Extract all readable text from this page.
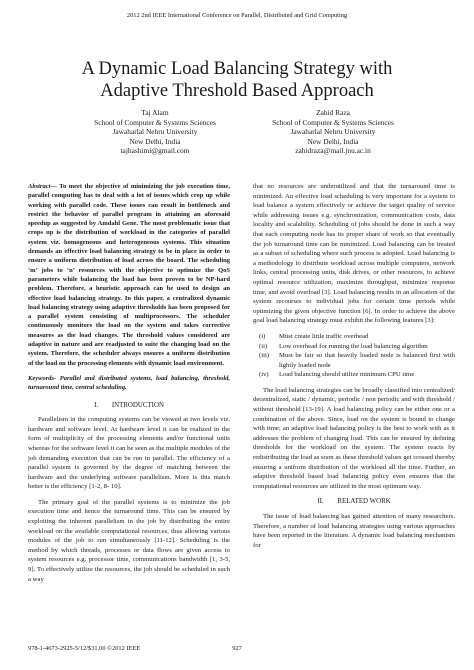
2012 2nd IEEE International Conference on Parallel, Distributed and Grid Computing
A Dynamic Load Balancing Strategy with
Adaptive Threshold Based Approach
Taj Alam
School of Computer & Systems Sciences
Jawaharlal Nehru University
New Delhi, India
tajhashimi@gmail.com
Zahid Raza
School of Computer & Systems Sciences
Jawaharlal Nehru University
New Delhi, India
zahidraza@mail.jnu.ac.in
Abstract— To meet the objective of minimizing the job execution time, parallel computing has to deal with a lot of issues which crop up while working with parallel code. These issues can result in bottleneck and restrict the behavior of parallel program in attaining an aforesaid speedup as suggested by Amdahl Gene. The most problematic issue that crops up is the distribution of workload in the categories of parallel system viz. homogeneous and heterogeneous systems. This situation demands an effective load balancing strategy to be in place in order to ensure a uniform distribution of load across the board. The scheduling ‘m’ jobs to ‘n’ resources with the objective to optimize the QoS parameters while balancing the load has been proven to be NP-hard problem. Therefore, a heuristic approach can be used to design an effective load balancing strategy. In this paper, a centralized dynamic load balancing strategy using adaptive thresholds has been proposed for a parallel system consisting of multiprocessors. The scheduler continuously monitors the load on the system and takes corrective measures as the load changes. The threshold values considered are adaptive in nature and are readjusted to suite the changing load on the system. Therefore, the scheduler always ensures a uniform distribution of the load on the processing elements with dynamic load environment.
Keywords- Parallel and distributed systems, load balancing, threshold, turnaround time, central scheduling.
I.  INTRODUCTION

Parallelism in the computing systems can be viewed at two levels viz. hardware and software level. At hardware level it can be realized in the form of multiplicity of the processing elements and/or functional units whereas for the software level it can be seen as the multiple modules of the job demanding execution that can be run in parallel. The efficiency of a parallel system is governed by the degree of matching between the hardware and the underlying software parallelism. More is this match better is the efficiency [1-2, 8- 10].

The primary goal of the parallel systems is to minimize the job execution time and hence the turnaround time. This can be ensured by exploiting the inherent parallelism in the job by distributing the entire workload on the available computational resources, thus allowing various modules of the job to run simultaneously [11-12]. Scheduling is the method by which threads, processes or data flows are given access to system resources e.g. processor time, communications bandwidth [1, 3-5, 9]. To effectively utilize the resources, the job should be scheduled in such a way

that no resources are underutilized and that the turnaround time is minimized. An effective load scheduling is very important for a system to load balance a system effectively or achieve the target quality of service while addressing issues e.g. synchronization, communication costs, data locality and scalability. Scheduling of jobs should be done in such a way that each computing node has its proper share of work so that eventually the job turnaround time can be minimized. Load balancing can be treated as a subset of scheduling where such process is adopted. Load balancing is a methodology to distribute workload across multiple computers, network links, central processing units, disk drives, or other resources, to achieve optimal resource utilization, maximize throughput, minimize response time, and avoid overload [3]. Load balancing results in an allocation of the system recourses to individual jobs for certain time periods while optimizing the given objective function [6]. In order to achieve the above goal load balancing strategy must exhibit the following features [3]:

(i) Must create little traffic overhead
(ii) Low overhead for running the load balancing algorithm
(iii) Must be fair so that heavily loaded node is balanced first with lightly loaded node
(iv) Load balancing should utilize minimum CPU time

The load balancing strategies can be broadly classified into centralized/ decentralized, static / dynamic, periodic / non periodic and with threshold / without threshold [13-19]. A load balancing policy can be either one or a combination of the above. Since, load on the system is bound to change with time; an adaptive load balancing policy is the best to work with as it addresses the problem of changing load. This can be ensured by defining thresholds for the workload on the system. The system reacts by redistributing the load as soon as these threshold values get crossed thereby ensuring a uniform distribution of the workload all the time. Further, an adaptive threshold based load balancing policy even ensures that the computational resources are utilized in the most optimum way.

II.  RELATED WORK

The issue of load balancing has gained attention of many researchers. Therefore, a number of load balancing strategies using various approaches have been reported in the literature. A dynamic load balancing mechanism for

978-1-4673-2925-5/12/$31.00 ©2012 IEEE	927
